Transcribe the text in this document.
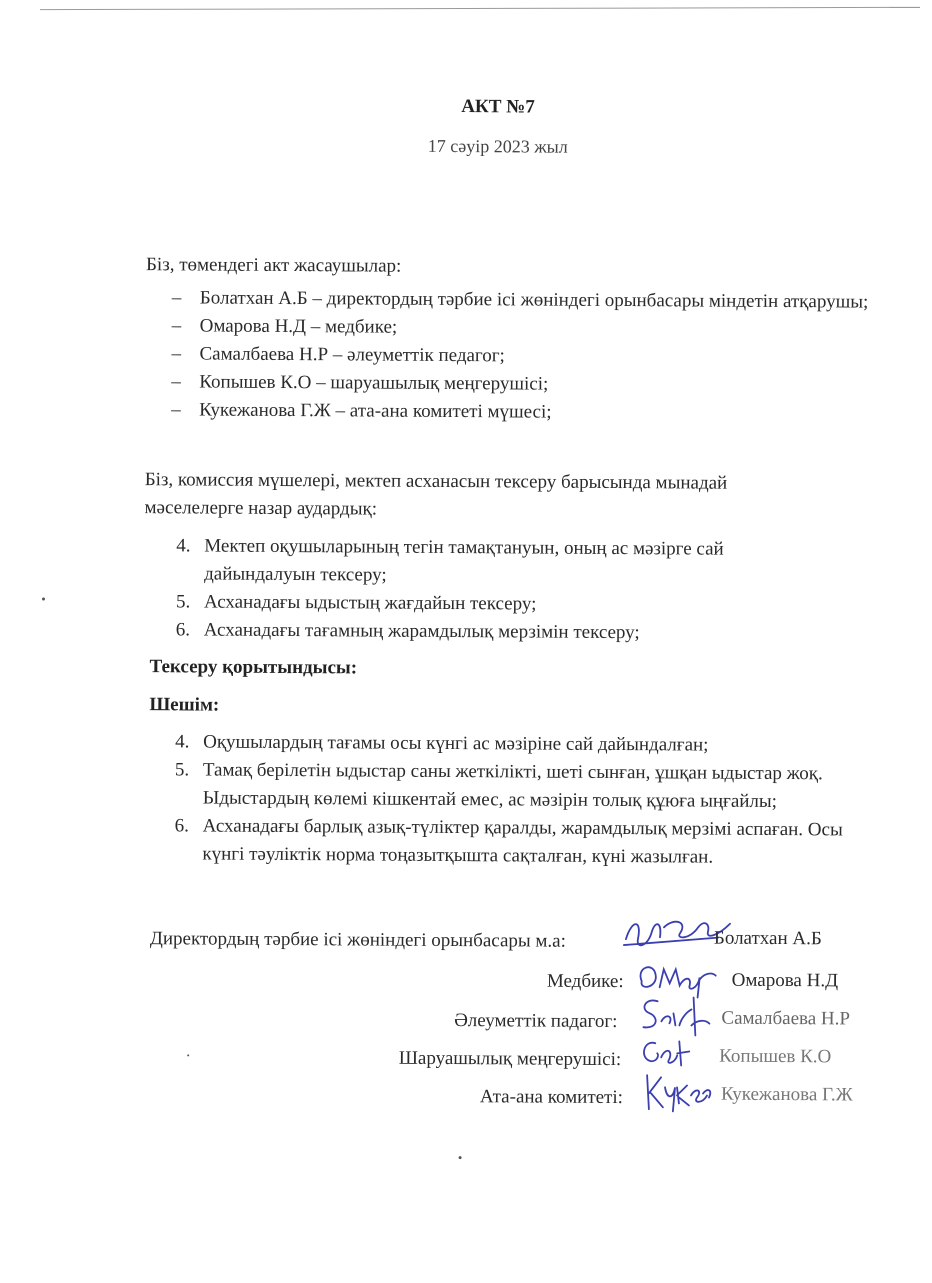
АКТ №7
17 сәуір 2023 жыл
Біз, төмендегі акт жасаушылар:
– Болатхан А.Б – директордың тәрбие ісі жөніндегі орынбасары міндетін атқарушы;
– Омарова Н.Д – медбике;
– Самалбаева Н.Р – әлеуметтік педагог;
– Копышев К.О – шаруашылық меңгерушісі;
– Кукежанова Г.Ж – ата-ана комитеті мүшесі;
Біз, комиссия мүшелері, мектеп асханасын тексеру барысында мынадай мәселелерге назар аудардық:
4. Мектеп оқушыларының тегін тамақтануын, оның ас мәзірге сай дайындалуын тексеру;
5. Асханадағы ыдыстың жағдайын тексеру;
6. Асханадағы тағамның жарамдылық мерзімін тексеру;
Тексеру қорытындысы:
Шешім:
4. Оқушылардың тағамы осы күнгі ас мәзіріне сай дайындалған;
5. Тамақ берілетін ыдыстар саны жеткілікті, шеті сынған, ұшқан ыдыстар жоқ. Ыдыстардың көлемі кішкентай емес, ас мәзірін толық құюға ыңғайлы;
6. Асханадағы барлық азық-түліктер қаралды, жарамдылық мерзімі аспаған. Осы күнгі тәуліктік норма тоңазытқышта сақталған, күні жазылған.
Директордың тәрбие ісі жөніндегі орынбасары м.а:	Болатхан А.Б
Медбике:	Омарова Н.Д
Әлеуметтік падагог:	Самалбаева Н.Р
Шаруашылық меңгерушісі:	Копышев К.О
Ата-ана комитеті:	Кукежанова Г.Ж
